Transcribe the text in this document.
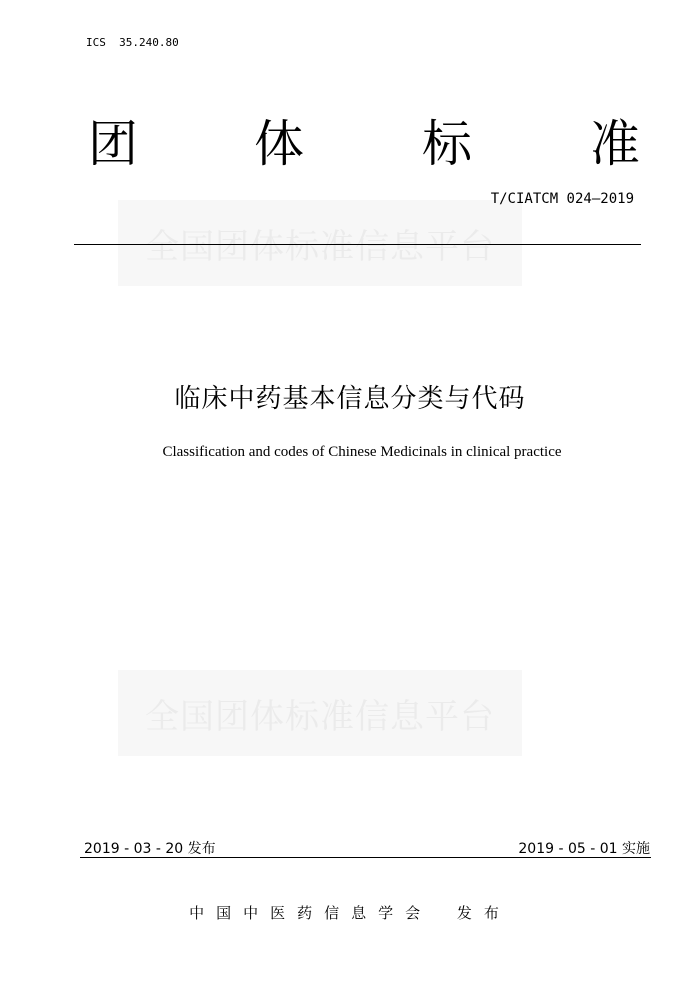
ICS  35.240.80
团 体 标 准
全国团体标准信息平台
T/CIATCM 024—2019
临床中药基本信息分类与代码
Classification and codes of Chinese Medicinals in clinical practice
全国团体标准信息平台
2019 - 03 - 20 发布	2019 - 05 - 01 实施
中国中医药信息学会 发布
